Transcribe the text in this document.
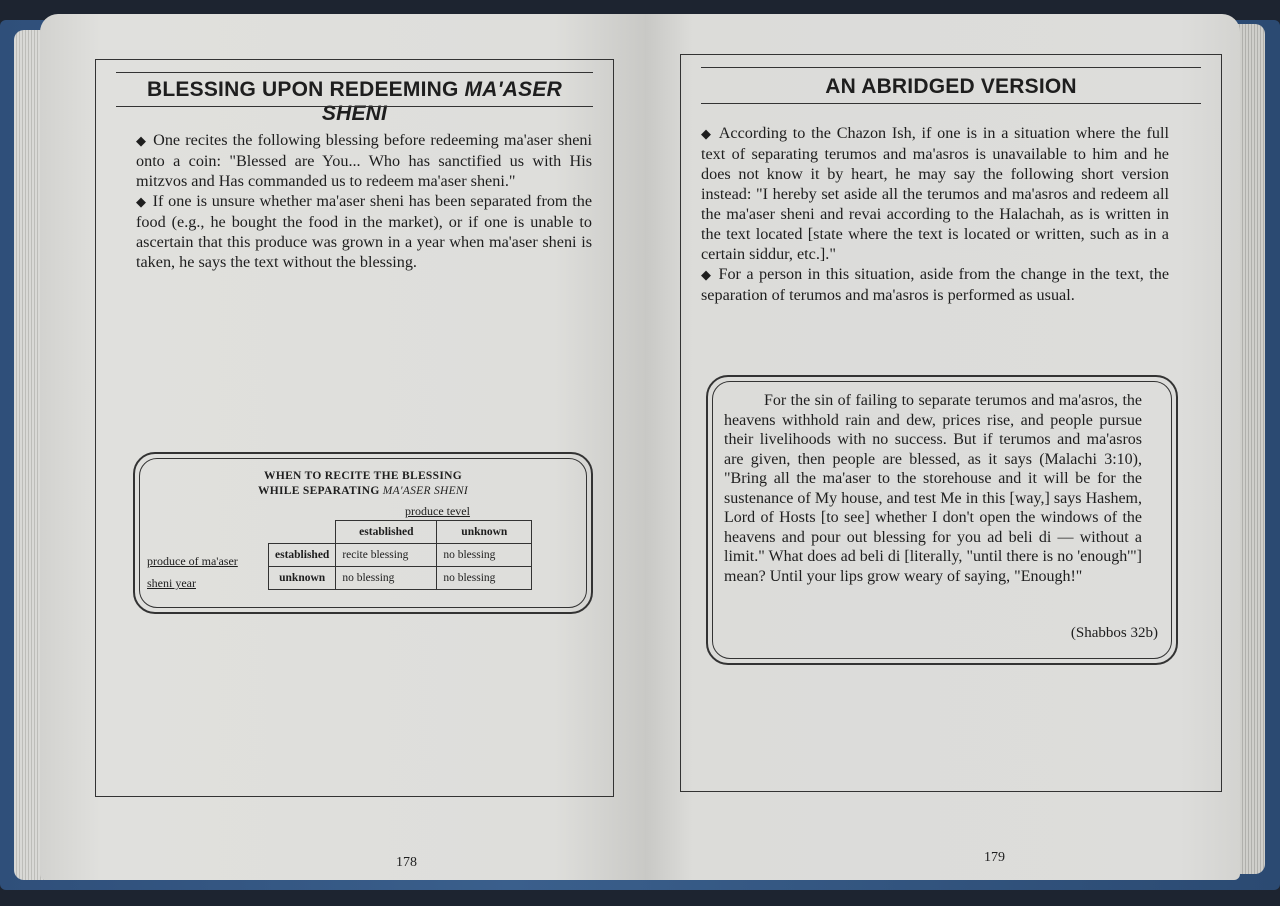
BLESSING UPON REDEEMING MA'ASER SHENI

◆ One recites the following blessing before redeeming ma'aser sheni onto a coin: "Blessed are You... Who has sanctified us with His mitzvos and Has commanded us to redeem ma'aser sheni."

◆ If one is unsure whether ma'aser sheni has been separated from the food (e.g., he bought the food in the market), or if one is unable to ascertain that this produce was grown in a year when ma'aser sheni is taken, he says the text without the blessing.

WHEN TO RECITE THE BLESSING
WHILE SEPARATING MA'ASER SHENI
produce tevel
produce of ma'aser
sheni year
	established	unknown
established	recite blessing	no blessing
unknown	no blessing	no blessing
178
AN ABRIDGED VERSION

◆ According to the Chazon Ish, if one is in a situation where the full text of separating terumos and ma'asros is unavailable to him and he does not know it by heart, he may say the following short version instead: "I hereby set aside all the terumos and ma'asros and redeem all the ma'aser sheni and revai according to the Halachah, as is written in the text located [state where the text is located or written, such as in a certain siddur, etc.]."

◆ For a person in this situation, aside from the change in the text, the separation of terumos and ma'asros is performed as usual.

For the sin of failing to separate terumos and ma'asros, the heavens withhold rain and dew, prices rise, and people pursue their livelihoods with no success. But if terumos and ma'asros are given, then people are blessed, as it says (Malachi 3:10), "Bring all the ma'aser to the storehouse and it will be for the sustenance of My house, and test Me in this [way,] says Hashem, Lord of Hosts [to see] whether I don't open the windows of the heavens and pour out blessing for you ad beli di — without a limit." What does ad beli di [literally, "until there is no 'enough'"] mean? Until your lips grow weary of saying, "Enough!"
(Shabbos 32b)
179
